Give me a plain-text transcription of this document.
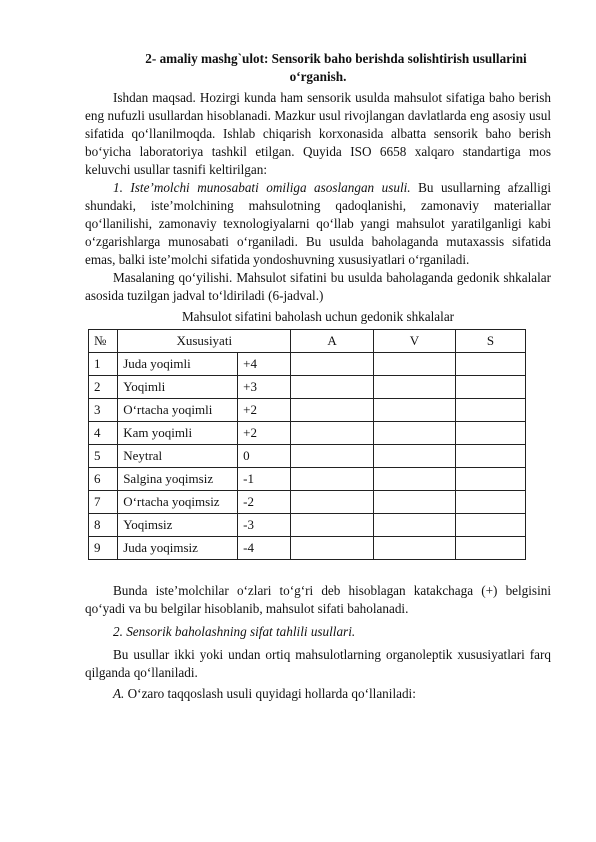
2- amaliy mashg`ulot: Sensorik baho berishda solishtirish usullarini
o‘rganish.

Ishdan maqsad. Hozirgi kunda ham sensorik usulda mahsulot sifatiga baho berish eng nufuzli usullardan hisoblanadi. Mazkur usul rivojlangan davlatlarda eng asosiy usul sifatida qo‘llanilmoqda. Ishlab chiqarish korxonasida albatta sensorik baho berish bo‘yicha laboratoriya tashkil etilgan. Quyida ISO 6658 xalqaro standartiga mos keluvchi usullar tasnifi keltirilgan:

1. Iste’molchi munosabati omiliga asoslangan usuli. Bu usullarning afzalligi shundaki, iste’molchining mahsulotning qadoqlanishi, zamonaviy materiallar qo‘llanilishi, zamonaviy texnologiyalarni qo‘llab yangi mahsulot yaratilganligi kabi o‘zgarishlarga munosabati o‘rganiladi. Bu usulda baholaganda mutaxassis sifatida emas, balki iste’molchi sifatida yondoshuvning xususiyatlari o‘rganiladi.

Masalaning qo‘yilishi. Mahsulot sifatini bu usulda baholaganda gedonik shkalalar asosida tuzilgan jadval to‘ldiriladi (6-jadval.)

Mahsulot sifatini baholash uchun gedonik shkalalar
№	Xususiyati		A	V	S
1	Juda yoqimli	+4			
2	Yoqimli	+3			
3	O‘rtacha yoqimli	+2			
4	Kam yoqimli	+2			
5	Neytral	0			
6	Salgina yoqimsiz	-1			
7	O‘rtacha yoqimsiz	-2			
8	Yoqimsiz	-3			
9	Juda yoqimsiz	-4			

Bunda iste’molchilar o‘zlari to‘g‘ri deb hisoblagan katakchaga (+) belgisini qo‘yadi va bu belgilar hisoblanib, mahsulot sifati baholanadi.

2. Sensorik baholashning sifat tahlili usullari.

Bu usullar ikki yoki undan ortiq mahsulotlarning organoleptik xususiyatlari farq qilganda qo‘llaniladi.

A. O‘zaro taqqoslash usuli quyidagi hollarda qo‘llaniladi:
